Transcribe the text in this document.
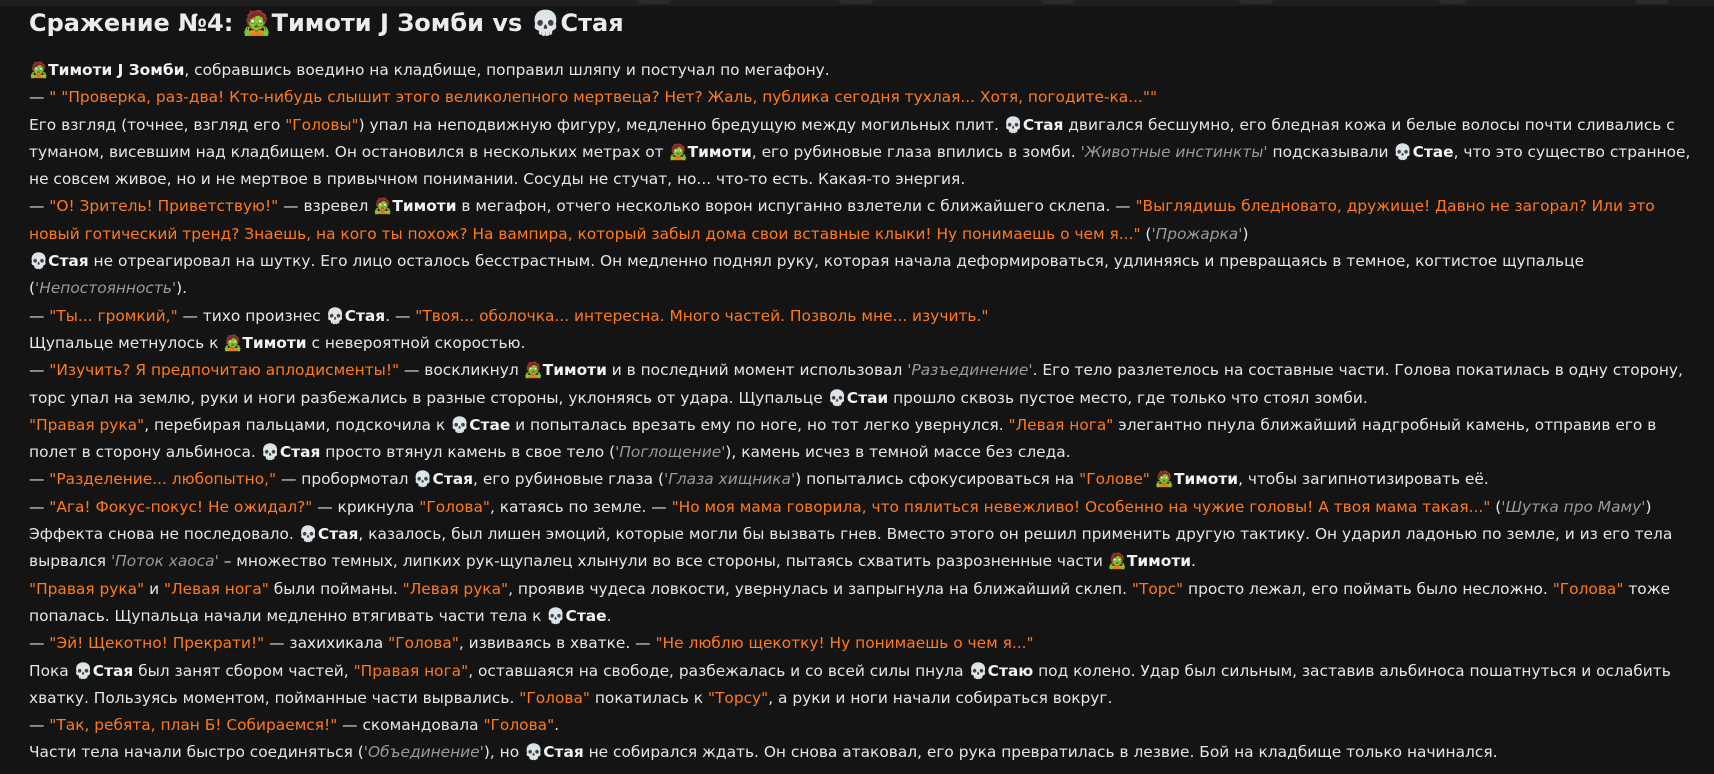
Сражение №4: 🧟Тимоти J Зомби vs 💀Стая

🧟Тимоти J Зомби, собравшись воедино на кладбище, поправил шляпу и постучал по мегафону.

— " "Проверка, раз-два! Кто-нибудь слышит этого великолепного мертвеца? Нет? Жаль, публика сегодня тухлая... Хотя, погодите-ка...""

Его взгляд (точнее, взгляд его "Головы") упал на неподвижную фигуру, медленно бредущую между могильных плит. 💀Стая двигался бесшумно, его бледная кожа и белые волосы почти сливались с туманом, висевшим над кладбищем. Он остановился в нескольких метрах от 🧟Тимоти, его рубиновые глаза впились в зомби. 'Животные инстинкты' подсказывали 💀Стае, что это существо странное, не совсем живое, но и не мертвое в привычном понимании. Сосуды не стучат, но... что-то есть. Какая-то энергия.

— "О! Зритель! Приветствую!" — взревел 🧟Тимоти в мегафон, отчего несколько ворон испуганно взлетели с ближайшего склепа. — "Выглядишь бледновато, дружище! Давно не загорал? Или это новый готический тренд? Знаешь, на кого ты похож? На вампира, который забыл дома свои вставные клыки! Ну понимаешь о чем я..." ('Прожарка')

💀Стая не отреагировал на шутку. Его лицо осталось бесстрастным. Он медленно поднял руку, которая начала деформироваться, удлиняясь и превращаясь в темное, когтистое щупальце ('Непостоянность').

— "Ты... громкий," — тихо произнес 💀Стая. — "Твоя... оболочка... интересна. Много частей. Позволь мне... изучить."

Щупальце метнулось к 🧟Тимоти с невероятной скоростью.

— "Изучить? Я предпочитаю аплодисменты!" — воскликнул 🧟Тимоти и в последний момент использовал 'Разъединение'. Его тело разлетелось на составные части. Голова покатилась в одну сторону, торс упал на землю, руки и ноги разбежались в разные стороны, уклоняясь от удара. Щупальце 💀Стаи прошло сквозь пустое место, где только что стоял зомби.

"Правая рука", перебирая пальцами, подскочила к 💀Стае и попыталась врезать ему по ноге, но тот легко увернулся. "Левая нога" элегантно пнула ближайший надгробный камень, отправив его в полет в сторону альбиноса. 💀Стая просто втянул камень в свое тело ('Поглощение'), камень исчез в темной массе без следа.

— "Разделение... любопытно," — пробормотал 💀Стая, его рубиновые глаза ('Глаза хищника') попытались сфокусироваться на "Голове" 🧟Тимоти, чтобы загипнотизировать её.

— "Ага! Фокус-покус! Не ожидал?" — крикнула "Голова", катаясь по земле. — "Но моя мама говорила, что пялиться невежливо! Особенно на чужие головы! А твоя мама такая..." ('Шутка про Маму')

Эффекта снова не последовало. 💀Стая, казалось, был лишен эмоций, которые могли бы вызвать гнев. Вместо этого он решил применить другую тактику. Он ударил ладонью по земле, и из его тела вырвался 'Поток хаоса' – множество темных, липких рук-щупалец хлынули во все стороны, пытаясь схватить разрозненные части 🧟Тимоти.

"Правая рука" и "Левая нога" были пойманы. "Левая рука", проявив чудеса ловкости, увернулась и запрыгнула на ближайший склеп. "Торс" просто лежал, его поймать было несложно. "Голова" тоже попалась. Щупальца начали медленно втягивать части тела к 💀Стае.

— "Эй! Щекотно! Прекрати!" — захихикала "Голова", извиваясь в хватке. — "Не люблю щекотку! Ну понимаешь о чем я..."

Пока 💀Стая был занят сбором частей, "Правая нога", оставшаяся на свободе, разбежалась и со всей силы пнула 💀Стаю под колено. Удар был сильным, заставив альбиноса пошатнуться и ослабить хватку. Пользуясь моментом, пойманные части вырвались. "Голова" покатилась к "Торсу", а руки и ноги начали собираться вокруг.

— "Так, ребята, план Б! Собираемся!" — скомандовала "Голова".

Части тела начали быстро соединяться ('Объединение'), но 💀Стая не собирался ждать. Он снова атаковал, его рука превратилась в лезвие. Бой на кладбище только начинался.
